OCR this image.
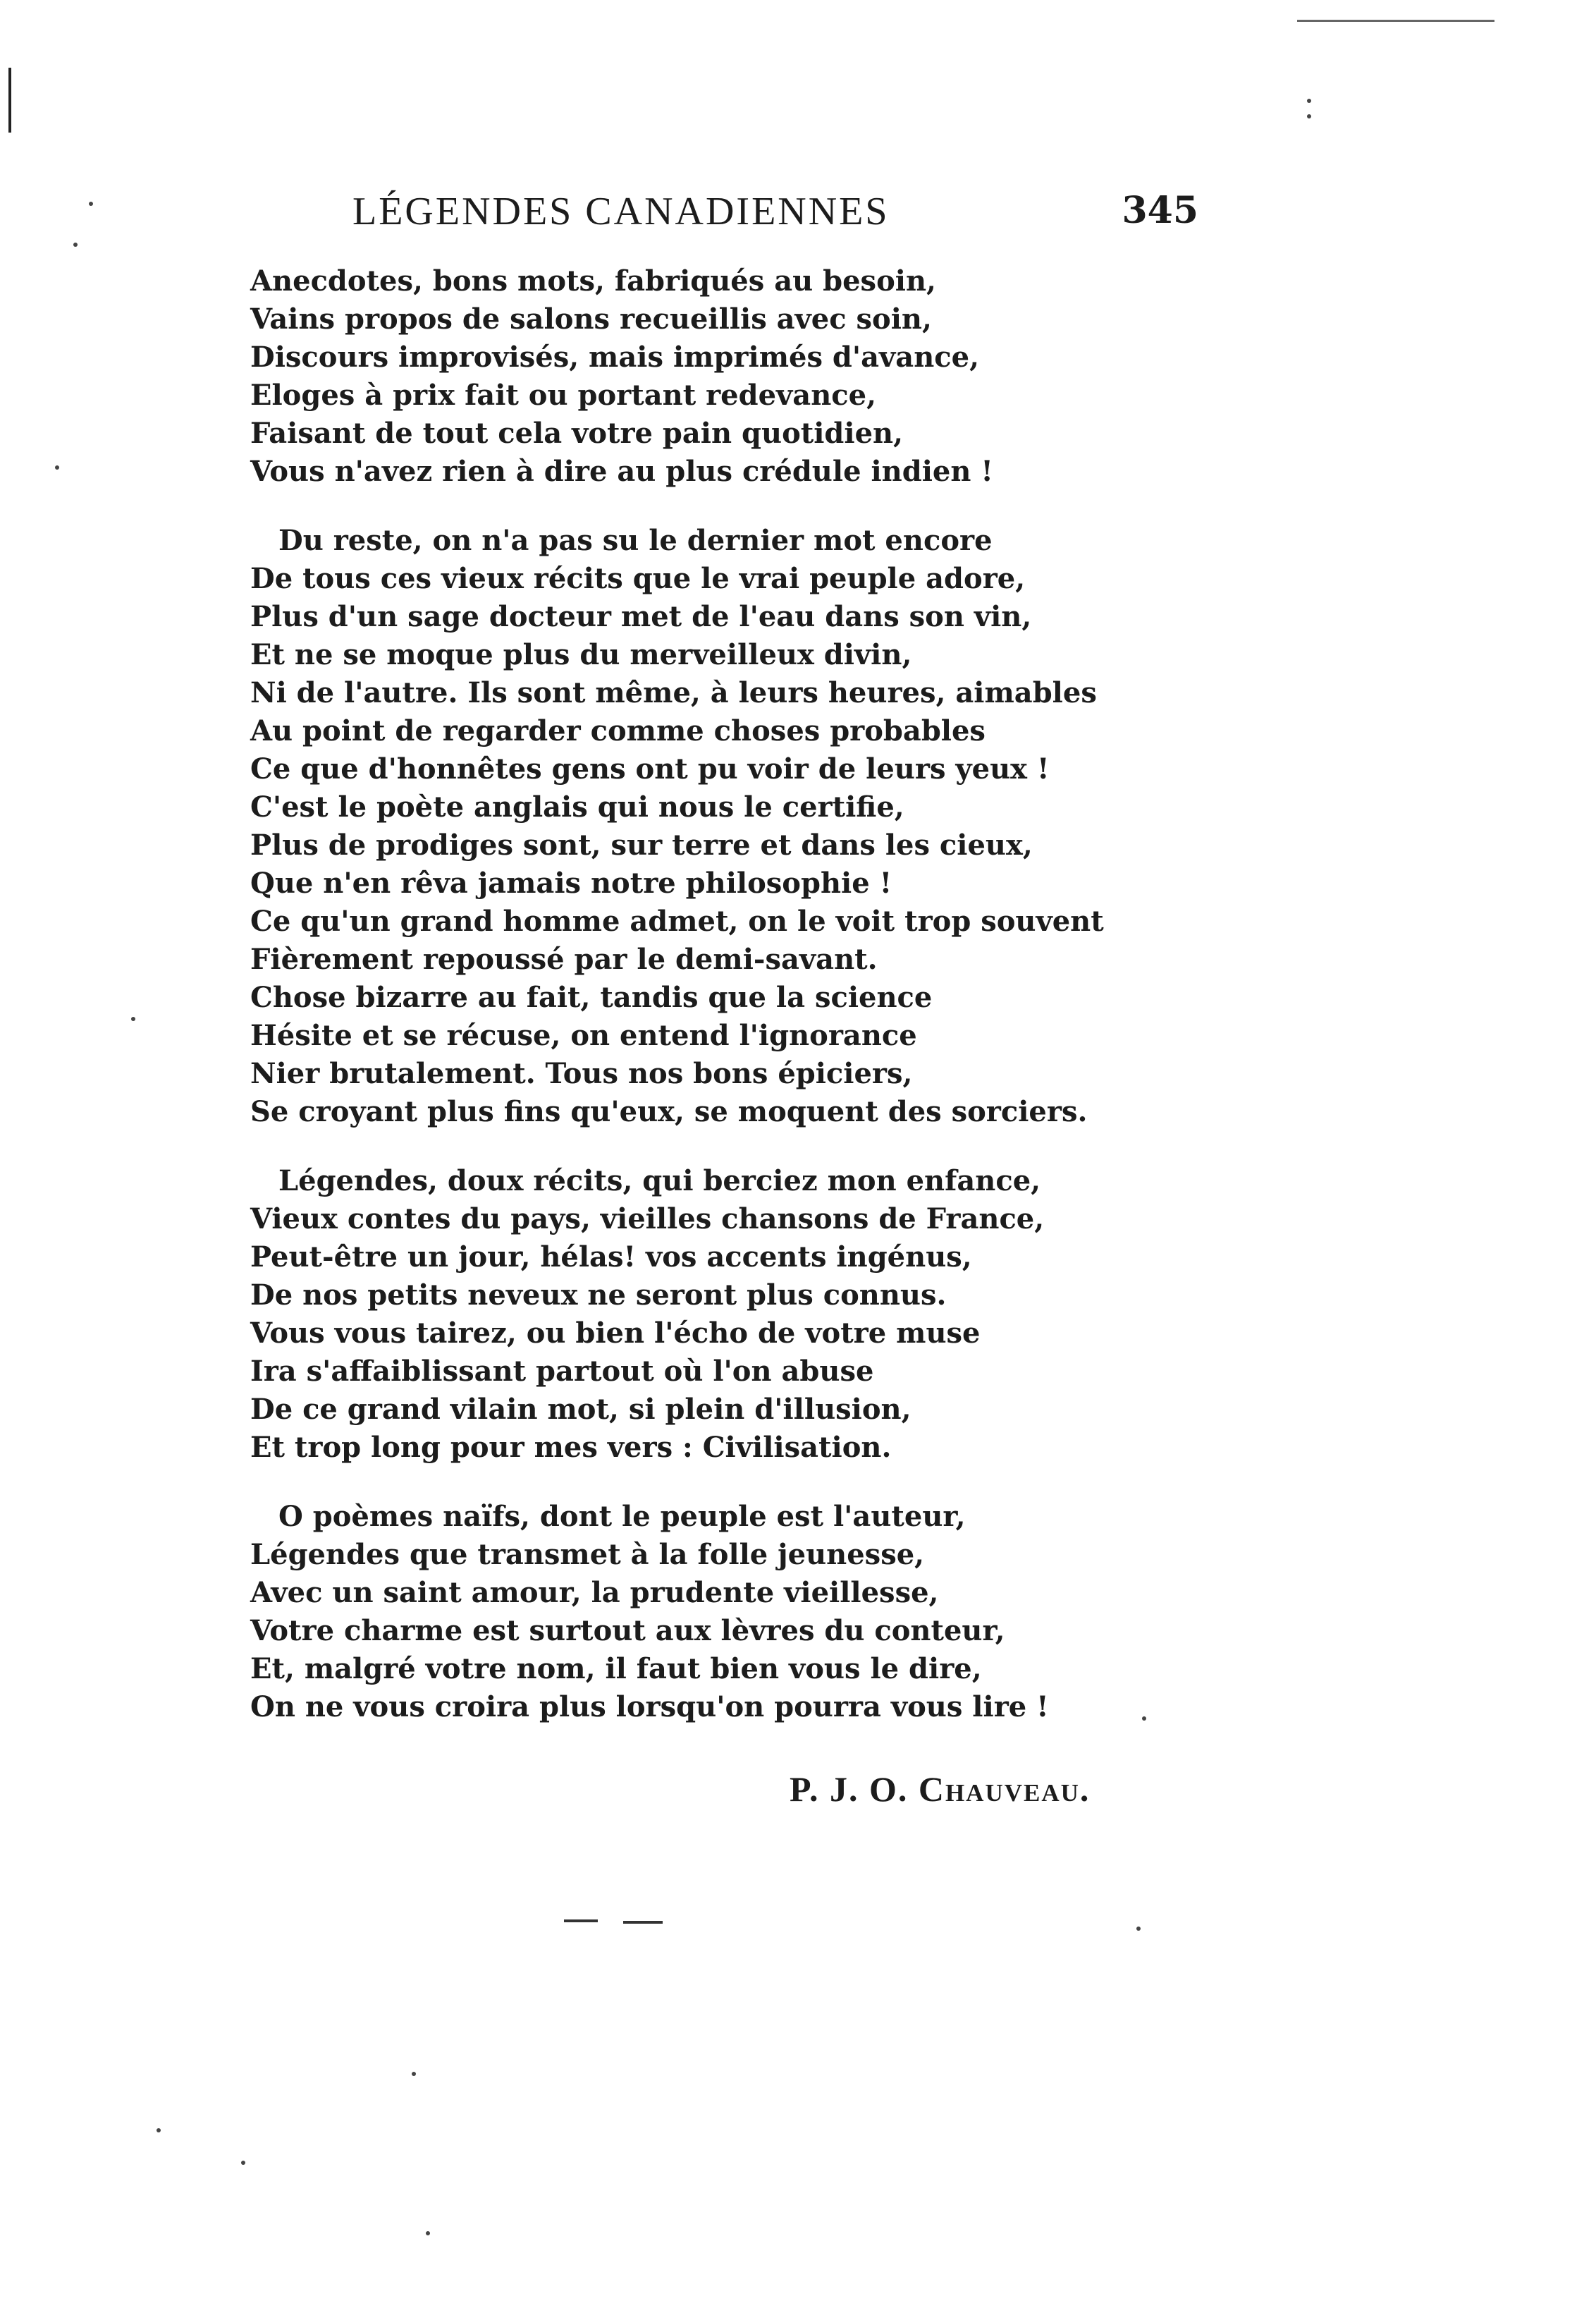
LÉGENDES CANADIENNES	345
Anecdotes, bons mots, fabriqués au besoin,
Vains propos de salons recueillis avec soin,
Discours improvisés, mais imprimés d'avance,
Eloges à prix fait ou portant redevance,
Faisant de tout cela votre pain quotidien,
Vous n'avez rien à dire au plus crédule indien !
Du reste, on n'a pas su le dernier mot encore
De tous ces vieux récits que le vrai peuple adore,
Plus d'un sage docteur met de l'eau dans son vin,
Et ne se moque plus du merveilleux divin,
Ni de l'autre. Ils sont même, à leurs heures, aimables
Au point de regarder comme choses probables
Ce que d'honnêtes gens ont pu voir de leurs yeux !
C'est le poète anglais qui nous le certifie,
Plus de prodiges sont, sur terre et dans les cieux,
Que n'en rêva jamais notre philosophie !
Ce qu'un grand homme admet, on le voit trop souvent
Fièrement repoussé par le demi-savant.
Chose bizarre au fait, tandis que la science
Hésite et se récuse, on entend l'ignorance
Nier brutalement. Tous nos bons épiciers,
Se croyant plus fins qu'eux, se moquent des sorciers.
Légendes, doux récits, qui berciez mon enfance,
Vieux contes du pays, vieilles chansons de France,
Peut-être un jour, hélas! vos accents ingénus,
De nos petits neveux ne seront plus connus.
Vous vous tairez, ou bien l'écho de votre muse
Ira s'affaiblissant partout où l'on abuse
De ce grand vilain mot, si plein d'illusion,
Et trop long pour mes vers : Civilisation.
O poèmes naïfs, dont le peuple est l'auteur,
Légendes que transmet à la folle jeunesse,
Avec un saint amour, la prudente vieillesse,
Votre charme est surtout aux lèvres du conteur,
Et, malgré votre nom, il faut bien vous le dire,
On ne vous croira plus lorsqu'on pourra vous lire !
P. J. O. Chauveau.
